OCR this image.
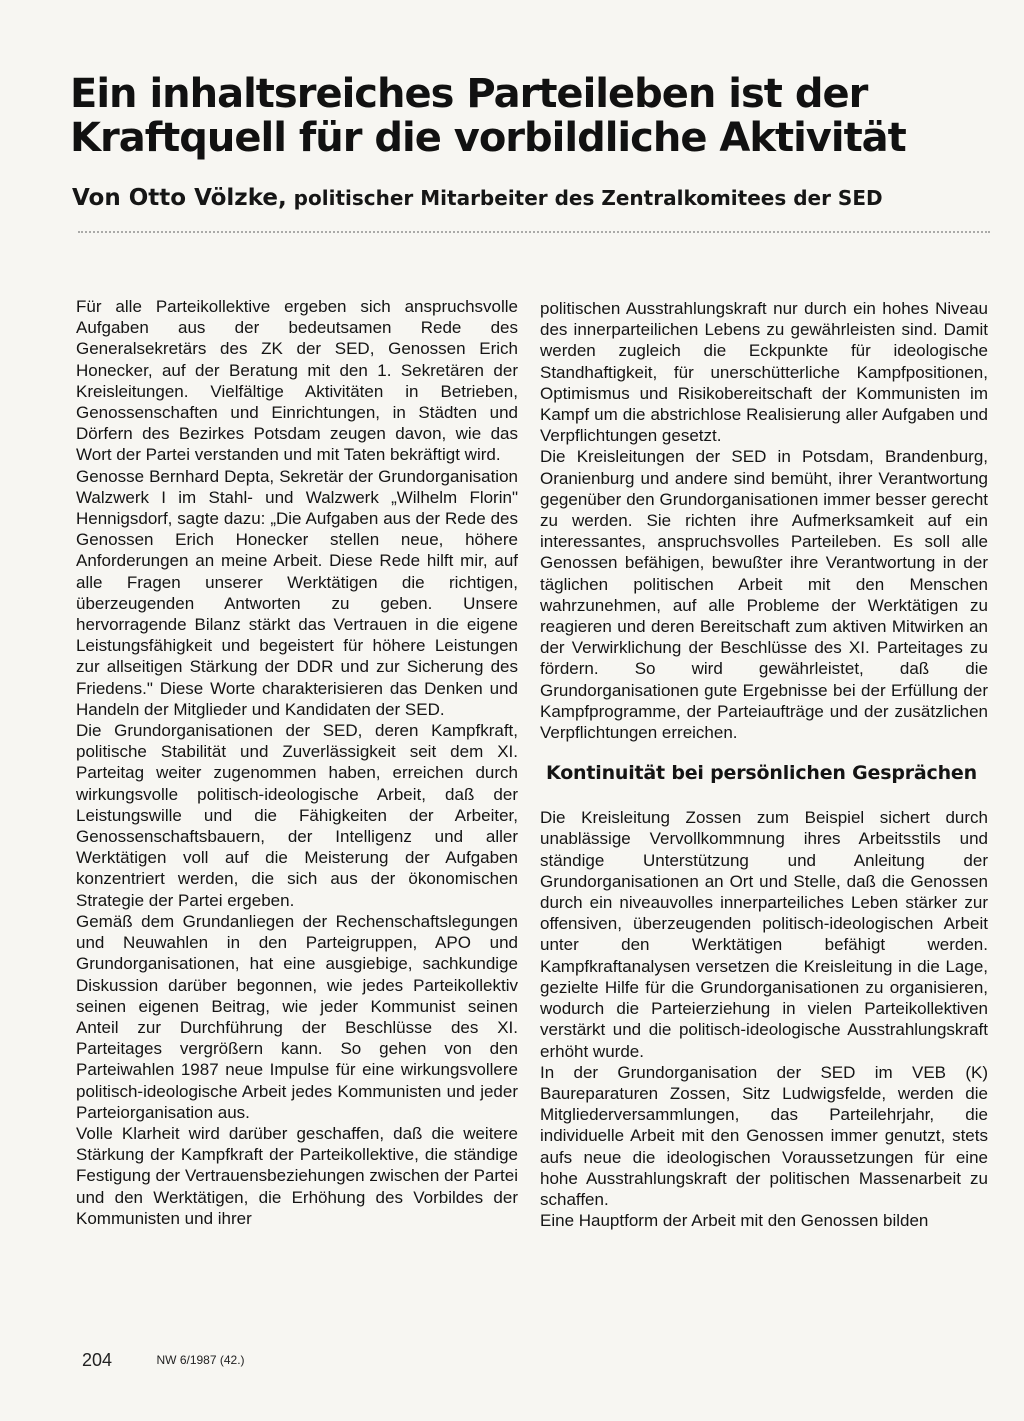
Ein inhaltsreiches Parteileben ist der
Kraftquell für die vorbildliche Aktivität

Von Otto Völzke, politischer Mitarbeiter des Zentralkomitees der SED

Für alle Parteikollektive ergeben sich anspruchsvolle Aufgaben aus der bedeutsamen Rede des Generalsekretärs des ZK der SED, Genossen Erich Honecker, auf der Beratung mit den 1. Sekretären der Kreisleitungen. Vielfältige Aktivitäten in Betrieben, Genossenschaften und Einrichtungen, in Städten und Dörfern des Bezirkes Potsdam zeugen davon, wie das Wort der Partei verstanden und mit Taten bekräftigt wird.

Genosse Bernhard Depta, Sekretär der Grundorganisation Walzwerk I im Stahl- und Walzwerk „Wilhelm Florin" Hennigsdorf, sagte dazu: „Die Aufgaben aus der Rede des Genossen Erich Honecker stellen neue, höhere Anforderungen an meine Arbeit. Diese Rede hilft mir, auf alle Fragen unserer Werktätigen die richtigen, überzeugenden Antworten zu geben. Unsere hervorragende Bilanz stärkt das Vertrauen in die eigene Leistungsfähigkeit und begeistert für höhere Leistungen zur allseitigen Stärkung der DDR und zur Sicherung des Friedens." Diese Worte charakterisieren das Denken und Handeln der Mitglieder und Kandidaten der SED.

Die Grundorganisationen der SED, deren Kampfkraft, politische Stabilität und Zuverlässigkeit seit dem XI. Parteitag weiter zugenommen haben, erreichen durch wirkungsvolle politisch-ideologische Arbeit, daß der Leistungswille und die Fähigkeiten der Arbeiter, Genossenschaftsbauern, der Intelligenz und aller Werktätigen voll auf die Meisterung der Aufgaben konzentriert werden, die sich aus der ökonomischen Strategie der Partei ergeben.

Gemäß dem Grundanliegen der Rechenschaftslegungen und Neuwahlen in den Parteigruppen, APO und Grundorganisationen, hat eine ausgiebige, sachkundige Diskussion darüber begonnen, wie jedes Parteikollektiv seinen eigenen Beitrag, wie jeder Kommunist seinen Anteil zur Durchführung der Beschlüsse des XI. Parteitages vergrößern kann. So gehen von den Parteiwahlen 1987 neue Impulse für eine wirkungsvollere politisch-ideologische Arbeit jedes Kommunisten und jeder Parteiorganisation aus.

Volle Klarheit wird darüber geschaffen, daß die weitere Stärkung der Kampfkraft der Parteikollektive, die ständige Festigung der Vertrauensbeziehungen zwischen der Partei und den Werktätigen, die Erhöhung des Vorbildes der Kommunisten und ihrer

politischen Ausstrahlungskraft nur durch ein hohes Niveau des innerparteilichen Lebens zu gewährleisten sind. Damit werden zugleich die Eckpunkte für ideologische Standhaftigkeit, für unerschütterliche Kampfpositionen, Optimismus und Risikobereitschaft der Kommunisten im Kampf um die abstrichlose Realisierung aller Aufgaben und Verpflichtungen gesetzt.

Die Kreisleitungen der SED in Potsdam, Brandenburg, Oranienburg und andere sind bemüht, ihrer Verantwortung gegenüber den Grundorganisationen immer besser gerecht zu werden. Sie richten ihre Aufmerksamkeit auf ein interessantes, anspruchsvolles Parteileben. Es soll alle Genossen befähigen, bewußter ihre Verantwortung in der täglichen politischen Arbeit mit den Menschen wahrzunehmen, auf alle Probleme der Werktätigen zu reagieren und deren Bereitschaft zum aktiven Mitwirken an der Verwirklichung der Beschlüsse des XI. Parteitages zu fördern. So wird gewährleistet, daß die Grundorganisationen gute Ergebnisse bei der Erfüllung der Kampfprogramme, der Parteiaufträge und der zusätzlichen Verpflichtungen erreichen.

Kontinuität bei persönlichen Gesprächen

Die Kreisleitung Zossen zum Beispiel sichert durch unablässige Vervollkommnung ihres Arbeitsstils und ständige Unterstützung und Anleitung der Grundorganisationen an Ort und Stelle, daß die Genossen durch ein niveauvolles innerparteiliches Leben stärker zur offensiven, überzeugenden politisch-ideologischen Arbeit unter den Werktätigen befähigt werden. Kampfkraftanalysen versetzen die Kreisleitung in die Lage, gezielte Hilfe für die Grundorganisationen zu organisieren, wodurch die Parteierziehung in vielen Parteikollektiven verstärkt und die politisch-ideologische Ausstrahlungskraft erhöht wurde.

In der Grundorganisation der SED im VEB (K) Baureparaturen Zossen, Sitz Ludwigsfelde, werden die Mitgliederversammlungen, das Parteilehrjahr, die individuelle Arbeit mit den Genossen immer genutzt, stets aufs neue die ideologischen Voraussetzungen für eine hohe Ausstrahlungskraft der politischen Massenarbeit zu schaffen.

Eine Hauptform der Arbeit mit den Genossen bilden

204	NW 6/1987 (42.)
